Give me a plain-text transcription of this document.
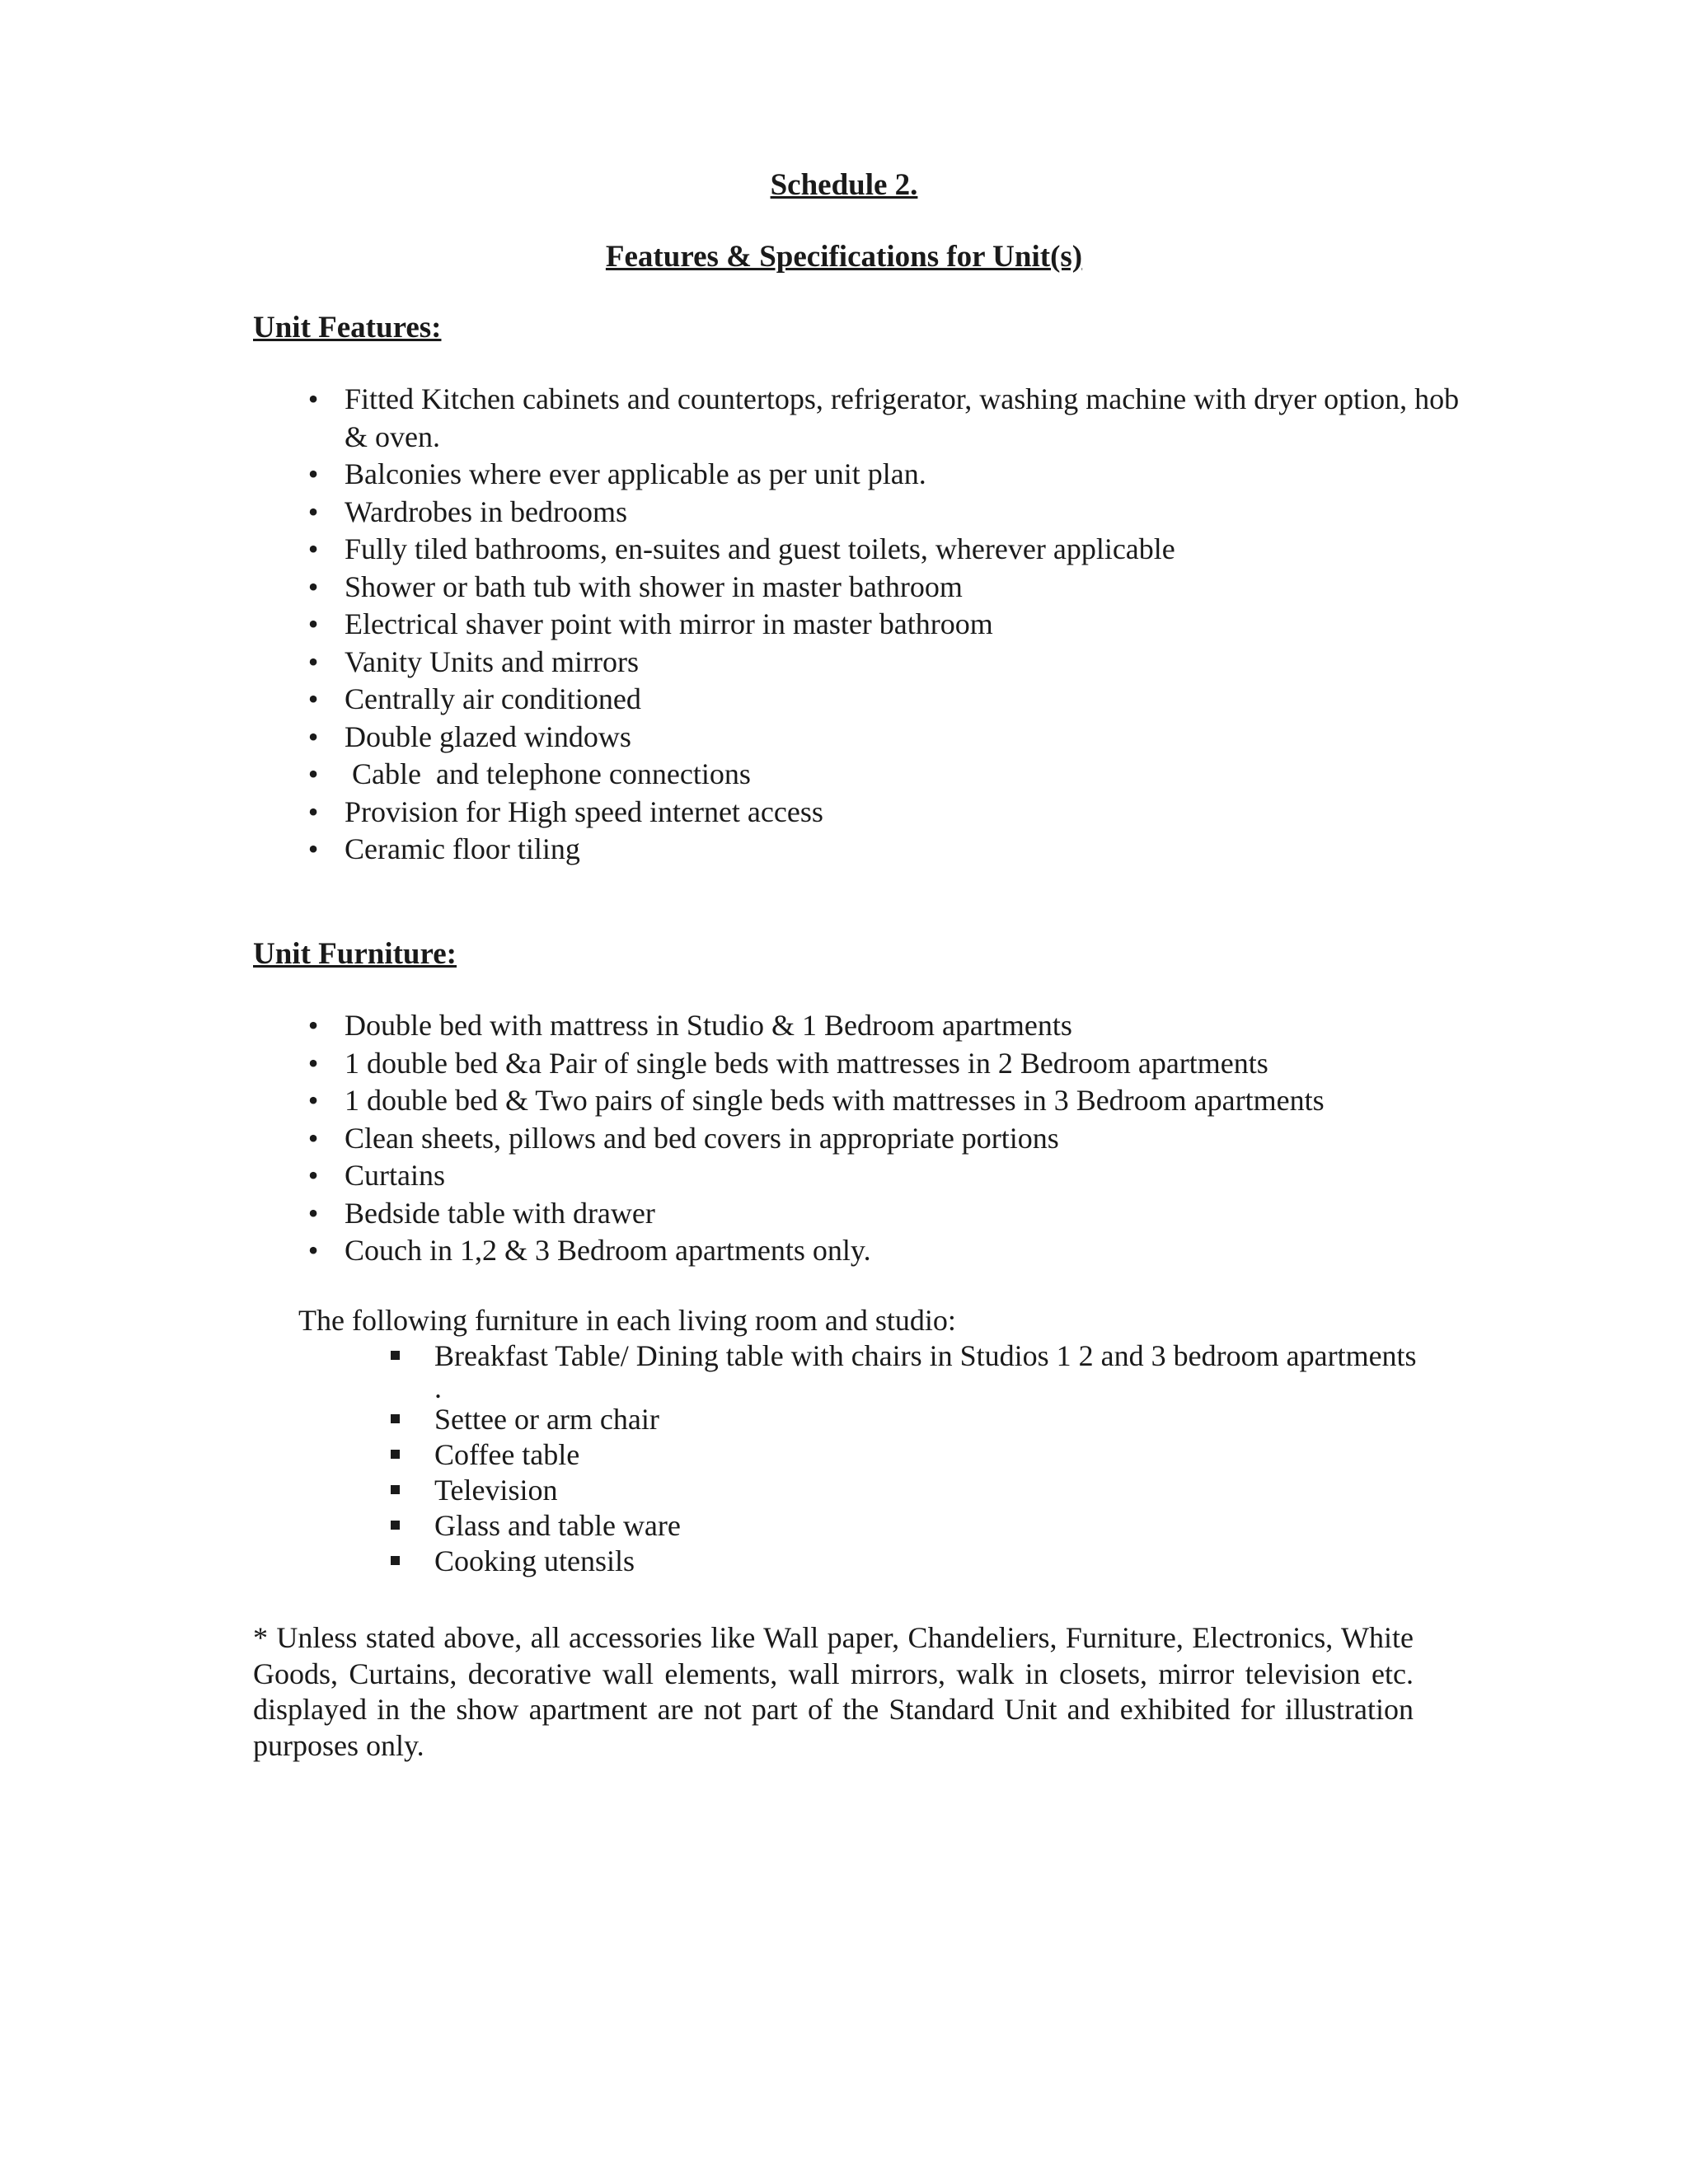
Schedule 2.
Features & Specifications for Unit(s)
Unit Features:
• Fitted Kitchen cabinets and countertops, refrigerator, washing machine with dryer option, hob & oven.
• Balconies where ever applicable as per unit plan.
• Wardrobes in bedrooms
• Fully tiled bathrooms, en-suites and guest toilets, wherever applicable
• Shower or bath tub with shower in master bathroom
• Electrical shaver point with mirror in master bathroom
• Vanity Units and mirrors
• Centrally air conditioned
• Double glazed windows
• Cable  and telephone connections
• Provision for High speed internet access
• Ceramic floor tiling
Unit Furniture:
• Double bed with mattress in Studio & 1 Bedroom apartments
• 1 double bed &a Pair of single beds with mattresses in 2 Bedroom apartments
• 1 double bed & Two pairs of single beds with mattresses in 3 Bedroom apartments
• Clean sheets, pillows and bed covers in appropriate portions
• Curtains
• Bedside table with drawer
• Couch in 1,2 & 3 Bedroom apartments only.
The following furniture in each living room and studio:
Breakfast Table/ Dining table with chairs in Studios 1 2 and 3 bedroom apartments
.
Settee or arm chair
Coffee table
Television
Glass and table ware
Cooking utensils

* Unless stated above, all accessories like Wall paper, Chandeliers, Furniture, Electronics, White Goods, Curtains, decorative wall elements, wall mirrors, walk in closets, mirror television etc. displayed in the show apartment are not part of the Standard Unit and exhibited for illustration purposes only.
